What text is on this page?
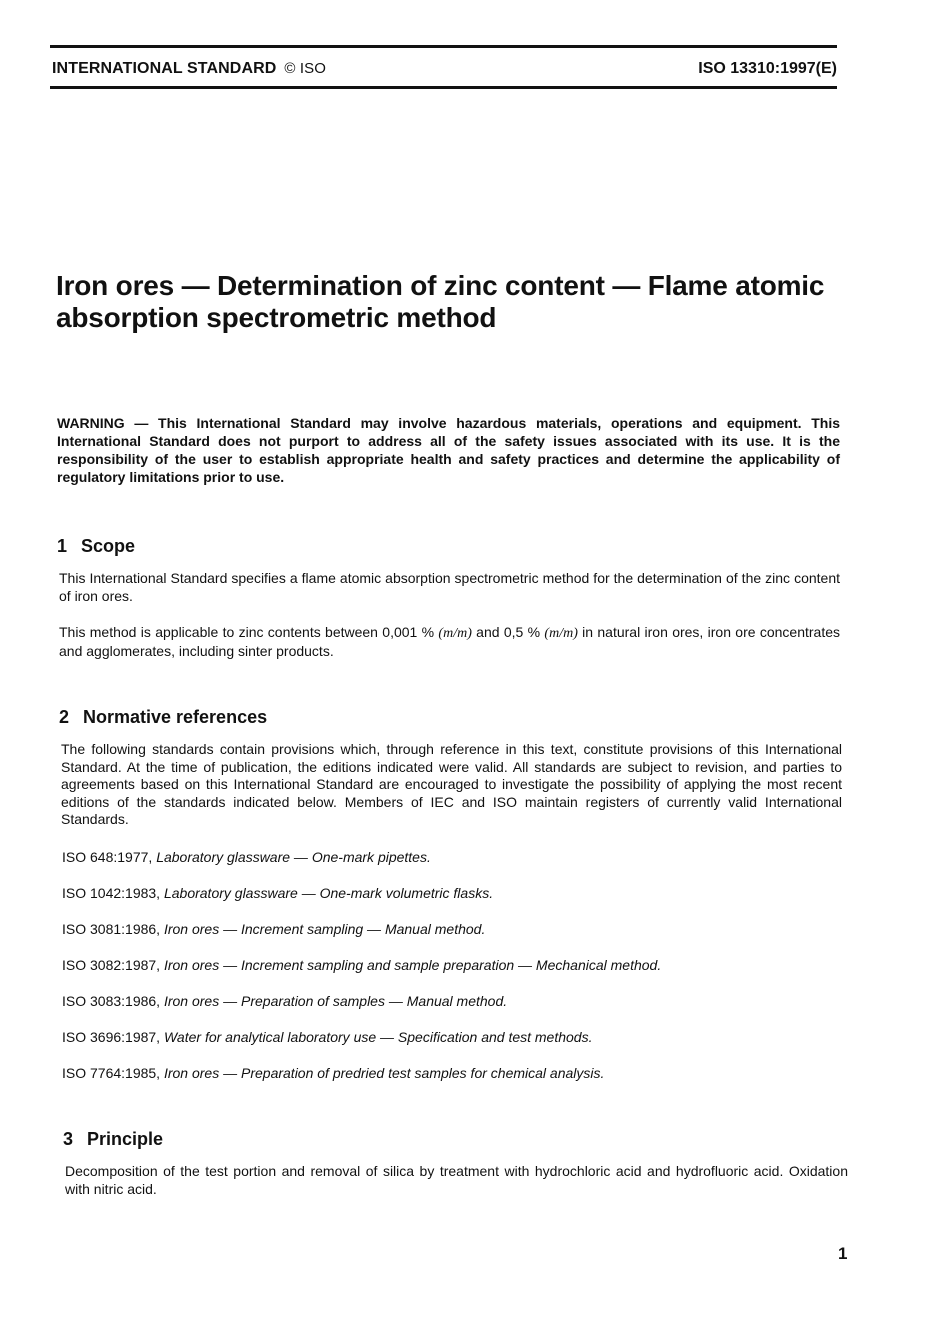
INTERNATIONAL STANDARD © ISO	ISO 13310:1997(E)
Iron ores — Determination of zinc content — Flame atomic absorption spectrometric method
WARNING — This International Standard may involve hazardous materials, operations and equipment. This International Standard does not purport to address all of the safety issues associated with its use. It is the responsibility of the user to establish appropriate health and safety practices and determine the applicability of regulatory limitations prior to use.
1 Scope
This International Standard specifies a flame atomic absorption spectrometric method for the determination of the zinc content of iron ores.
This method is applicable to zinc contents between 0,001 % (m/m) and 0,5 % (m/m) in natural iron ores, iron ore concentrates and agglomerates, including sinter products.
2 Normative references
The following standards contain provisions which, through reference in this text, constitute provisions of this International Standard. At the time of publication, the editions indicated were valid. All standards are subject to revision, and parties to agreements based on this International Standard are encouraged to investigate the possibility of applying the most recent editions of the standards indicated below. Members of IEC and ISO maintain registers of currently valid International Standards.
ISO 648:1977, Laboratory glassware — One-mark pipettes.
ISO 1042:1983, Laboratory glassware — One-mark volumetric flasks.
ISO 3081:1986, Iron ores — Increment sampling — Manual method.
ISO 3082:1987, Iron ores — Increment sampling and sample preparation — Mechanical method.
ISO 3083:1986, Iron ores — Preparation of samples — Manual method.
ISO 3696:1987, Water for analytical laboratory use — Specification and test methods.
ISO 7764:1985, Iron ores — Preparation of predried test samples for chemical analysis.
3 Principle
Decomposition of the test portion and removal of silica by treatment with hydrochloric acid and hydrofluoric acid. Oxidation with nitric acid.
1
